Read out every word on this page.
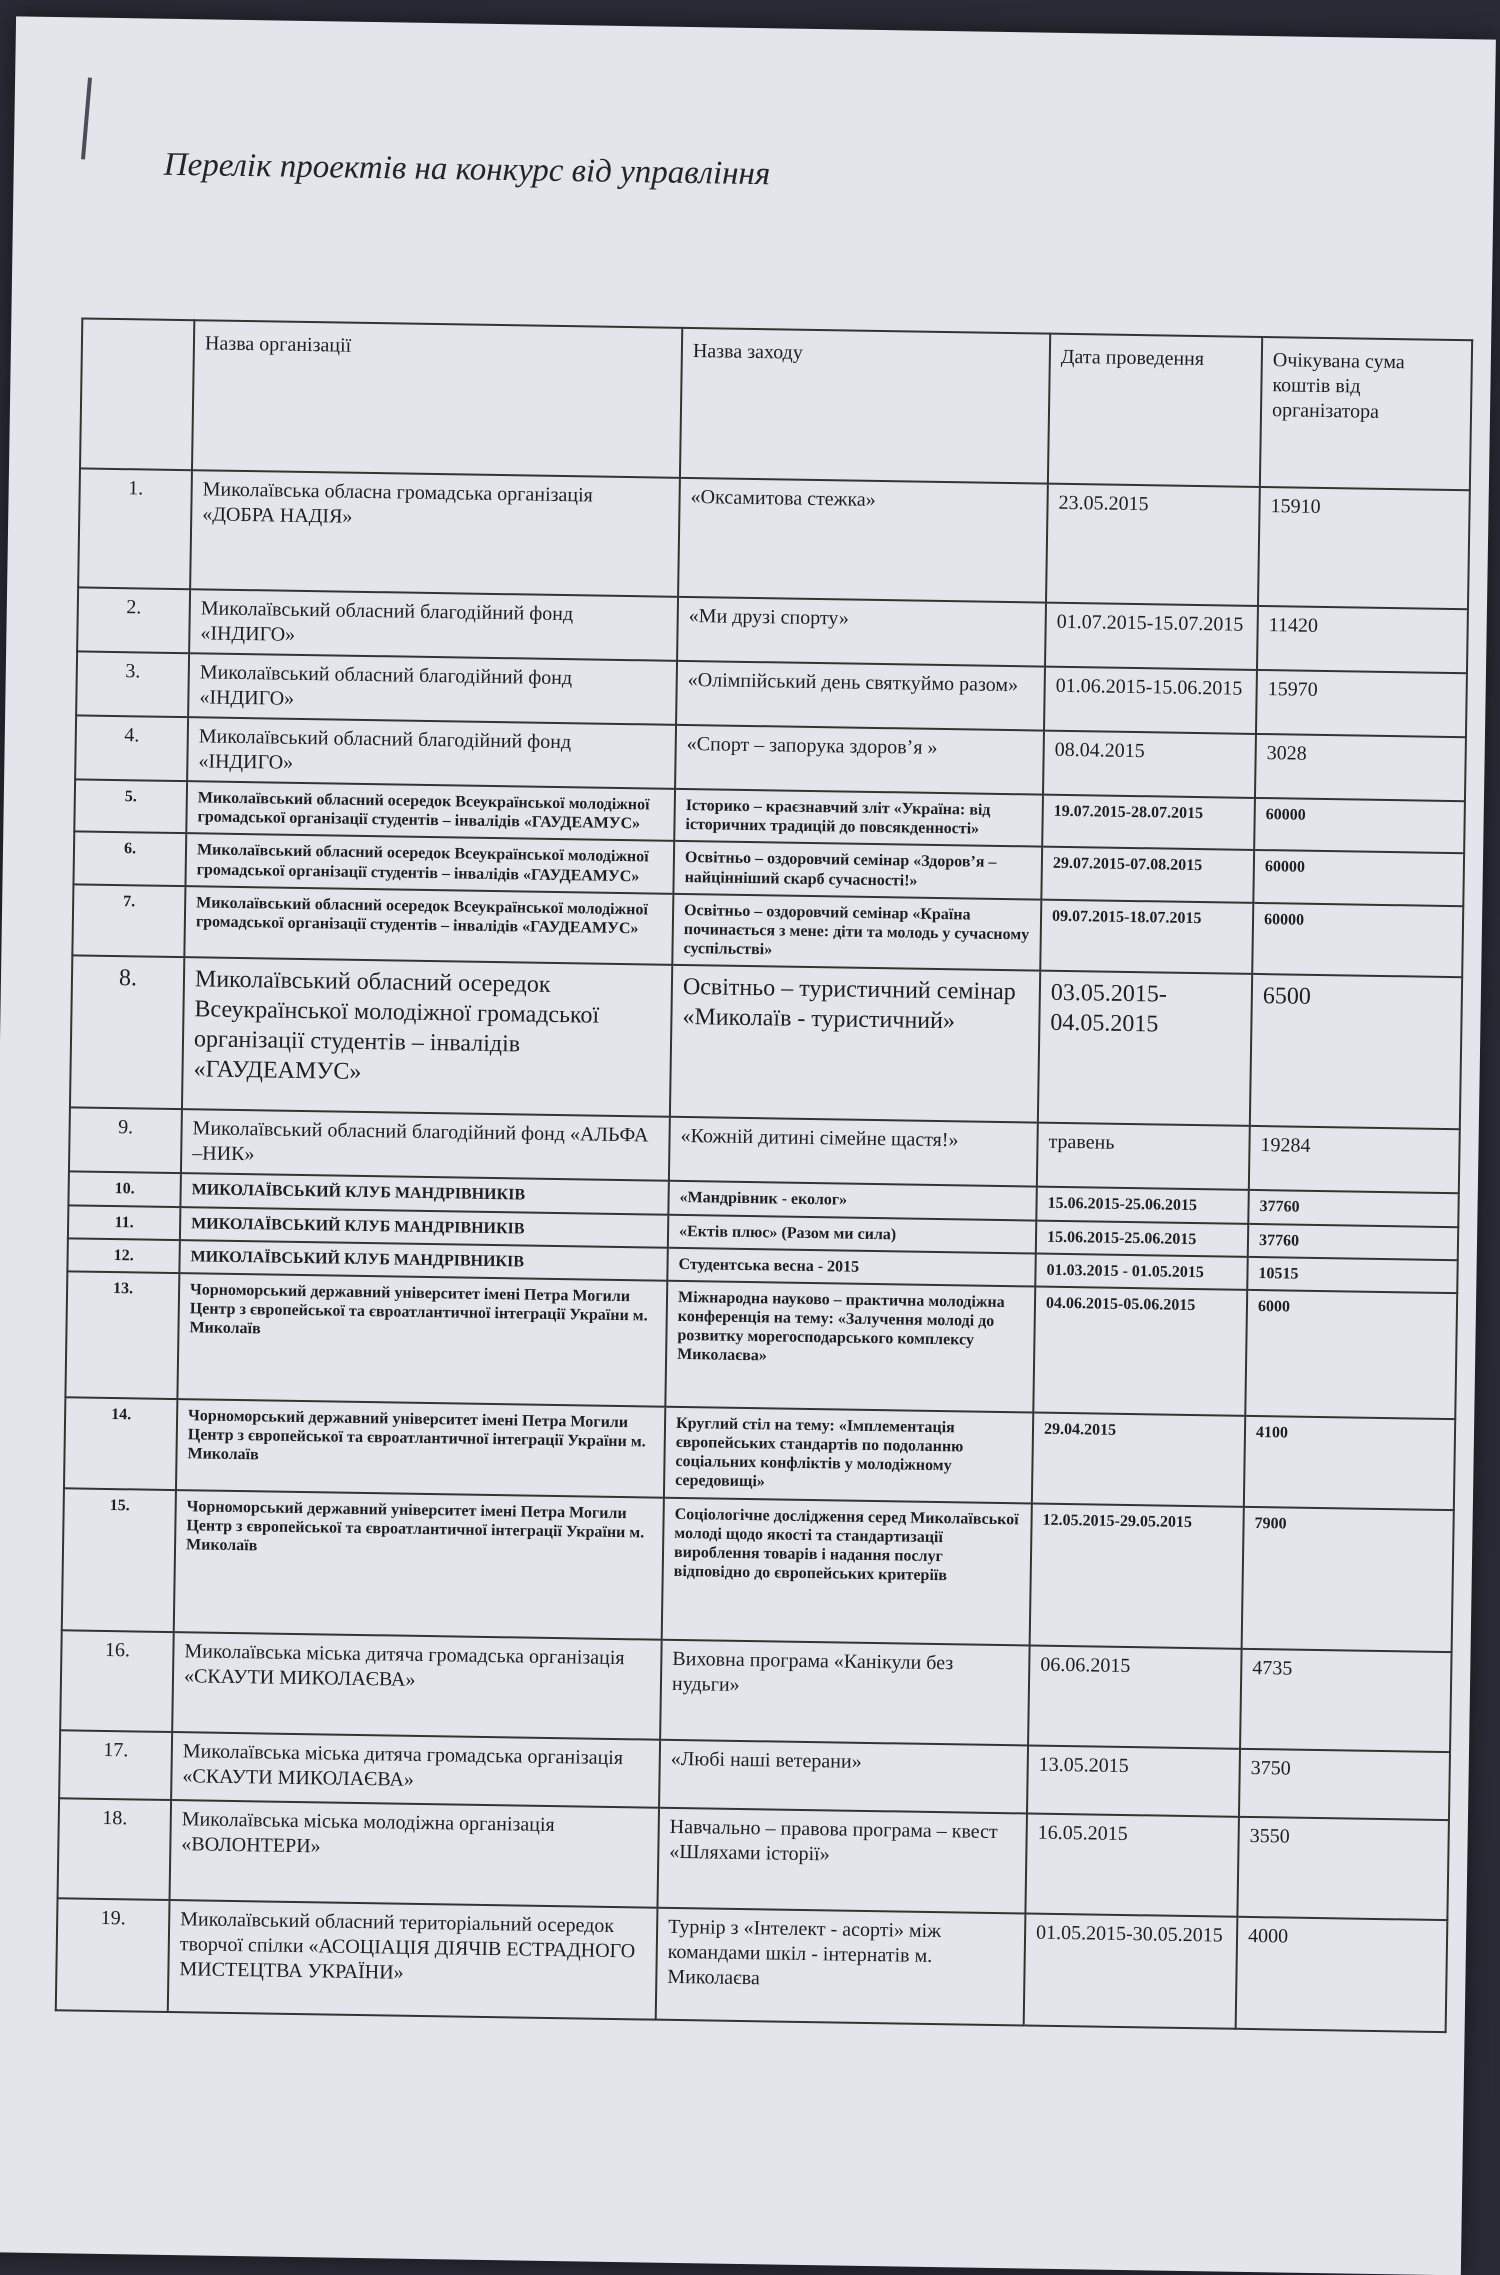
Перелік проектів на конкурс від управління
	Назва організації	Назва заходу	Дата проведення	Очікувана сума коштів від організатора
1.	Миколаївська обласна громадська організація «ДОБРА НАДІЯ»	«Оксамитова стежка»	23.05.2015	15910
2.	Миколаївський обласний благодійний фонд «ІНДИГО»	«Ми друзі спорту»	01.07.2015-15.07.2015	11420
3.	Миколаївський обласний благодійний фонд «ІНДИГО»	«Олімпійський день святкуймо разом»	01.06.2015-15.06.2015	15970
4.	Миколаївський обласний благодійний фонд «ІНДИГО»	«Спорт – запорука здоров’я »	08.04.2015	3028
5.	Миколаївський обласний осередок Всеукраїнської молодіжної громадської організації студентів – інвалідів «ГАУДЕАМУС»	Історико – краєзнавчий зліт «Україна: від історичних традицій до повсякденності»	19.07.2015-28.07.2015	60000
6.	Миколаївський обласний осередок Всеукраїнської молодіжної громадської організації студентів – інвалідів «ГАУДЕАМУС»	Освітньо – оздоровчий семінар «Здоров’я – найцінніший скарб сучасності!»	29.07.2015-07.08.2015	60000
7.	Миколаївський обласний осередок Всеукраїнської молодіжної громадської організації студентів – інвалідів «ГАУДЕАМУС»	Освітньо – оздоровчий семінар «Країна починається з мене: діти та молодь у сучасному суспільстві»	09.07.2015-18.07.2015	60000
8.	Миколаївський обласний осередок Всеукраїнської молодіжної громадської організації студентів – інвалідів «ГАУДЕАМУС»	Освітньо – туристичний семінар «Миколаїв - туристичний»	03.05.2015-04.05.2015	6500
9.	Миколаївський обласний благодійний фонд «АЛЬФА –НИК»	«Кожній дитині сімейне щастя!»	травень	19284
10.	МИКОЛАЇВСЬКИЙ КЛУБ МАНДРІВНИКІВ	«Мандрівник - еколог»	15.06.2015-25.06.2015	37760
11.	МИКОЛАЇВСЬКИЙ КЛУБ МАНДРІВНИКІВ	«Ектів плюс» (Разом ми сила)	15.06.2015-25.06.2015	37760
12.	МИКОЛАЇВСЬКИЙ КЛУБ МАНДРІВНИКІВ	Студентська весна - 2015	01.03.2015 - 01.05.2015	10515
13.	Чорноморський державний університет імені Петра Могили Центр з європейської та євроатлантичної інтеграції України м. Миколаїв	Міжнародна науково – практична молодіжна конференція на тему: «Залучення молоді до розвитку морегосподарського комплексу Миколаєва»	04.06.2015-05.06.2015	6000
14.	Чорноморський державний університет імені Петра Могили Центр з європейської та євроатлантичної інтеграції України м. Миколаїв	Круглий стіл на тему: «Імплементація європейських стандартів по подоланню соціальних конфліктів у молодіжному середовищі»	29.04.2015	4100
15.	Чорноморський державний університет імені Петра Могили Центр з європейської та євроатлантичної інтеграції України м. Миколаїв	Соціологічне дослідження серед Миколаївської молоді щодо якості та стандартизації вироблення товарів і надання послуг відповідно до європейських критеріїв	12.05.2015-29.05.2015	7900
16.	Миколаївська міська дитяча громадська організація «СКАУТИ МИКОЛАЄВА»	Виховна програма «Канікули без нудьги»	06.06.2015	4735
17.	Миколаївська міська дитяча громадська організація «СКАУТИ МИКОЛАЄВА»	«Любі наші ветерани»	13.05.2015	3750
18.	Миколаївська міська молодіжна організація «ВОЛОНТЕРИ»	Навчально – правова програма – квест «Шляхами історії»	16.05.2015	3550
19.	Миколаївський обласний територіальний осередок творчої спілки «АСОЦІАЦІЯ ДІЯЧІВ ЕСТРАДНОГО МИСТЕЦТВА УКРАЇНИ»	Турнір з «Інтелект - асорті» між командами шкіл - інтернатів м. Миколаєва	01.05.2015-30.05.2015	4000
